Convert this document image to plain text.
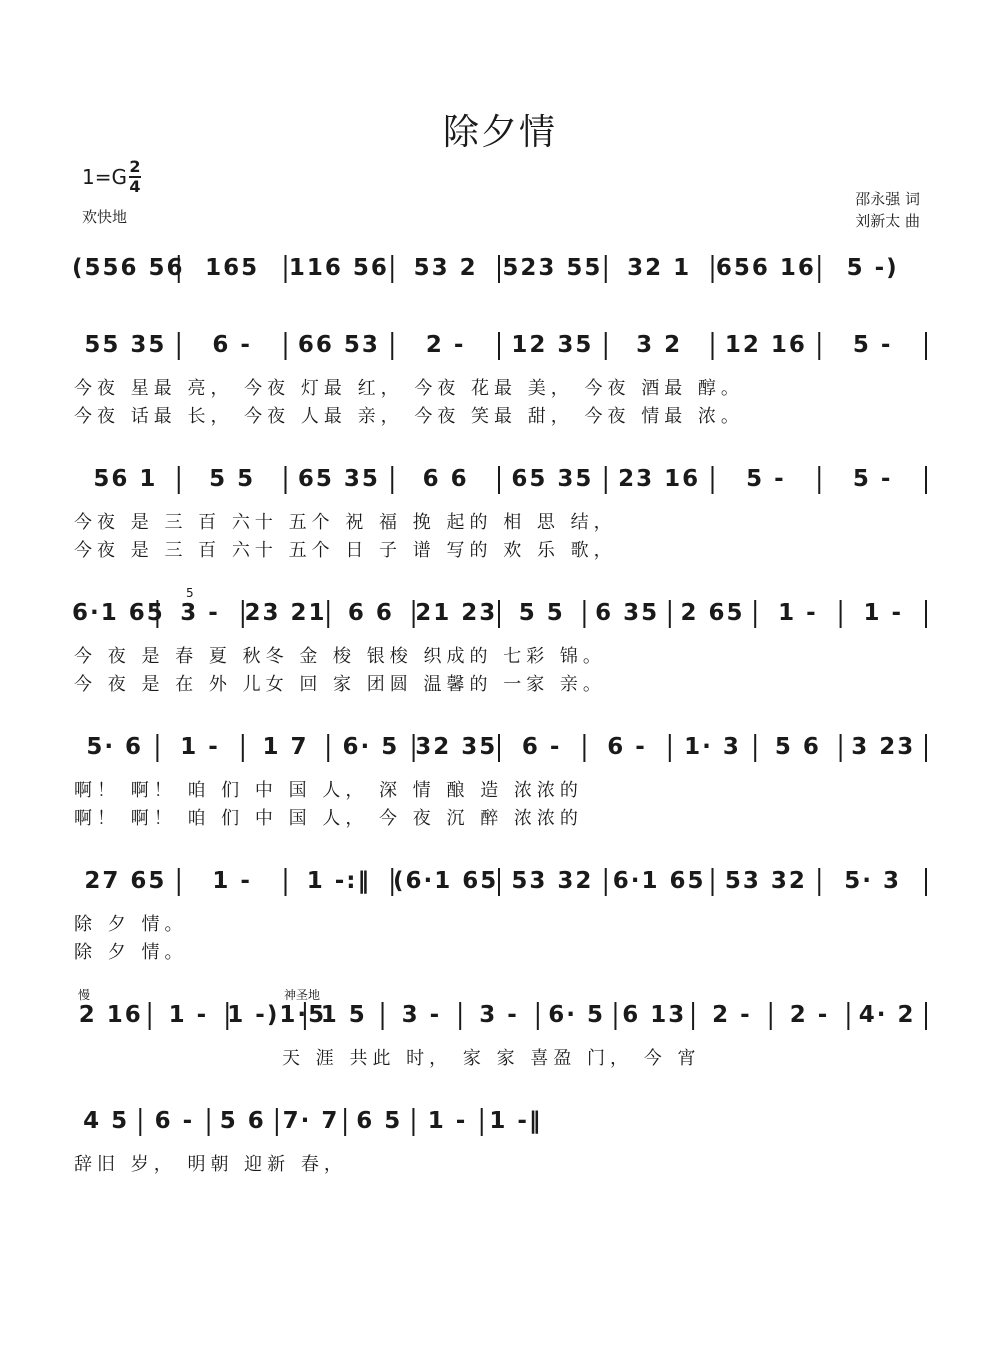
除夕情
$1=G \frac{2}{4}$
欢快地
邵永强 词
刘新太 曲
(556 56 165	116 56	53 2	523 55	32 1	656 16	5 -)
55 35	6 -	66 53	2 -	12 35	3 2	12 16	5 -
今夜 星最 亮， 今夜 灯最 红， 今夜 花最 美， 今夜 酒最 醇。
今夜 话最 长， 今夜 人最 亲， 今夜 笑最 甜， 今夜 情最 浓。
56 1	5 5	65 35	6 6	65 35	23 16	5 -	5 -
今夜 是 三 百 六十 五个 祝 福 挽 起的 相 思 结，
今夜 是 三 百 六十 五个 日 子 谱 写的 欢 乐 歌，
6·1 65 3 -	23 21 6 6 21 23 5 5	6 35 2 65	1 -	1 -
今 夜 是 春 夏 秋冬 金 梭 银梭 织成的 七彩 锦。
今 夜 是 在 外 儿女 回 家 团圆 温馨的 一家 亲。
5· 6	1 -	1 7	6· 5 32 35	6 -	6 -	1· 3	5 6	3 23
啊！ 啊！ 咱 们 中 国 人， 深 情 酿 造 浓浓的
啊！ 啊！ 咱 们 中 国 人， 今 夜 沉 醉 浓浓的
27 65	1 -	1 -:‖ (6·1 65 53 32 6·1 65 53 32	5· 3
除 夕 情。
除 夕 情。
2 16	1 - 1 -)1·5
1 5	3 -	3 -	6· 5 6 13	2 -	2 -	4· 2
天 涯 共此 时， 家 家 喜盈 门， 今 宵
4 5	6 -	5 6 7· 7 6 5	1 - 1 -‖
辞旧 岁， 明朝 迎新 春，
慢	神圣地
5
